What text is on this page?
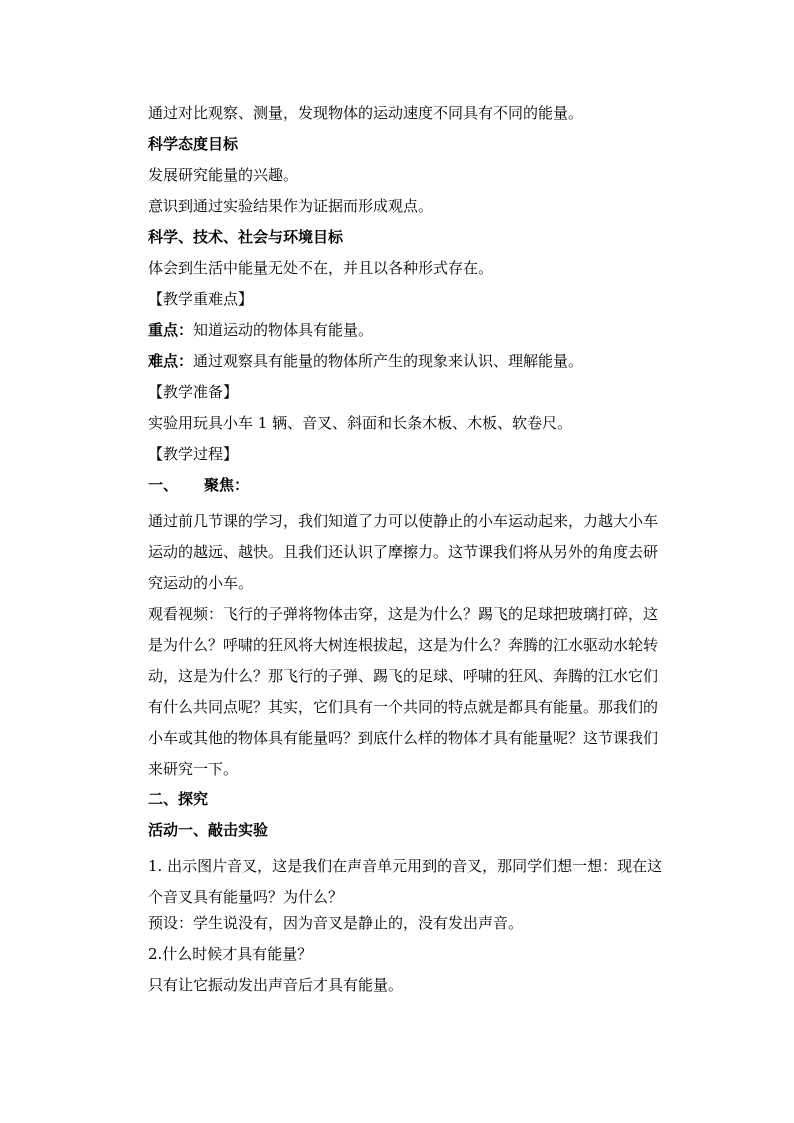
通过对比观察、测量，发现物体的运动速度不同具有不同的能量。
科学态度目标
发展研究能量的兴趣。
意识到通过实验结果作为证据而形成观点。
科学、技术、社会与环境目标
体会到生活中能量无处不在，并且以各种形式存在。
【教学重难点】
重点：知道运动的物体具有能量。
难点：通过观察具有能量的物体所产生的现象来认识、理解能量。
【教学准备】
实验用玩具小车 1 辆、音叉、斜面和长条木板、木板、软卷尺。
【教学过程】
一、 聚焦：
通过前几节课的学习，我们知道了力可以使静止的小车运动起来，力越大小车运动的越远、越快。且我们还认识了摩擦力。这节课我们将从另外的角度去研究运动的小车。
观看视频：飞行的子弹将物体击穿，这是为什么？踢飞的足球把玻璃打碎，这是为什么？呼啸的狂风将大树连根拔起，这是为什么？奔腾的江水驱动水轮转动，这是为什么？那飞行的子弹、踢飞的足球、呼啸的狂风、奔腾的江水它们有什么共同点呢？其实，它们具有一个共同的特点就是都具有能量。那我们的小车或其他的物体具有能量吗？到底什么样的物体才具有能量呢？这节课我们来研究一下。
二、探究
活动一、敲击实验
1. 出示图片音叉，这是我们在声音单元用到的音叉，那同学们想一想：现在这个音叉具有能量吗？为什么？
预设：学生说没有，因为音叉是静止的，没有发出声音。
2.什么时候才具有能量？
只有让它振动发出声音后才具有能量。
